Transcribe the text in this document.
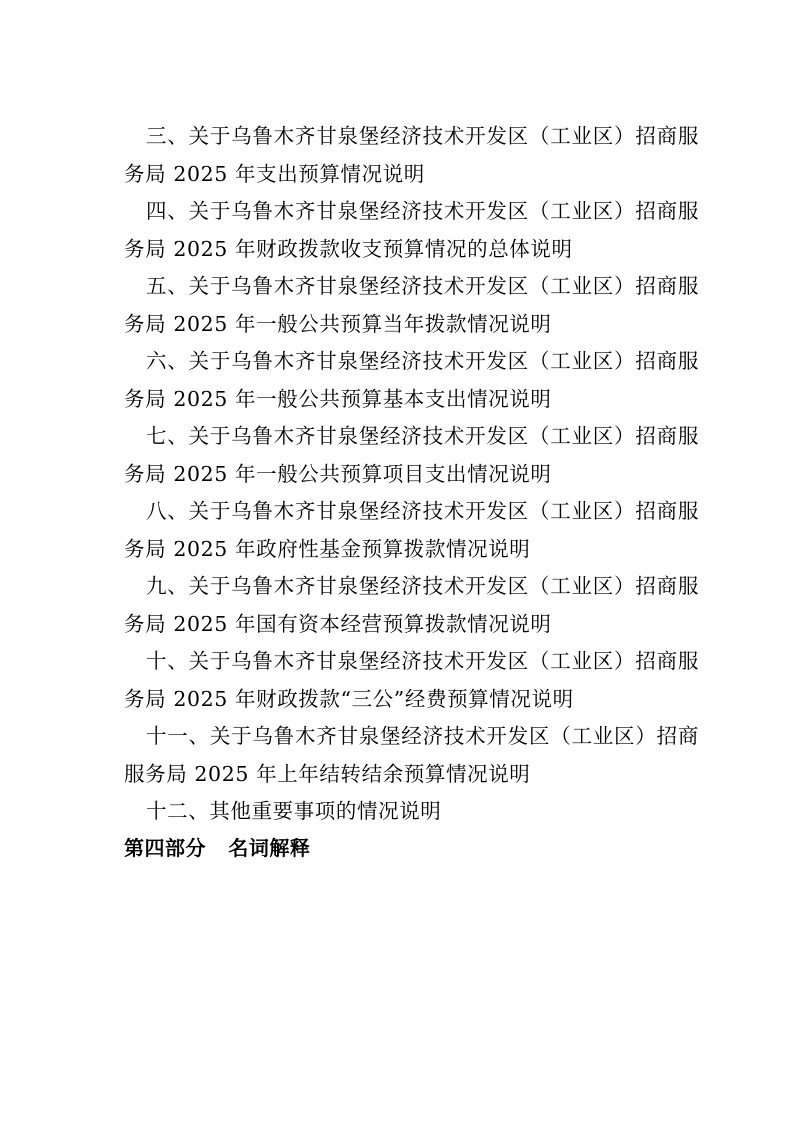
三、关于乌鲁木齐甘泉堡经济技术开发区（工业区）招商服务局 2025 年支出预算情况说明

四、关于乌鲁木齐甘泉堡经济技术开发区（工业区）招商服务局 2025 年财政拨款收支预算情况的总体说明

五、关于乌鲁木齐甘泉堡经济技术开发区（工业区）招商服务局 2025 年一般公共预算当年拨款情况说明

六、关于乌鲁木齐甘泉堡经济技术开发区（工业区）招商服务局 2025 年一般公共预算基本支出情况说明

七、关于乌鲁木齐甘泉堡经济技术开发区（工业区）招商服务局 2025 年一般公共预算项目支出情况说明

八、关于乌鲁木齐甘泉堡经济技术开发区（工业区）招商服务局 2025 年政府性基金预算拨款情况说明

九、关于乌鲁木齐甘泉堡经济技术开发区（工业区）招商服务局 2025 年国有资本经营预算拨款情况说明

十、关于乌鲁木齐甘泉堡经济技术开发区（工业区）招商服务局 2025 年财政拨款“三公”经费预算情况说明

十一、关于乌鲁木齐甘泉堡经济技术开发区（工业区）招商服务局 2025 年上年结转结余预算情况说明

十二、其他重要事项的情况说明

第四部分   名词解释
